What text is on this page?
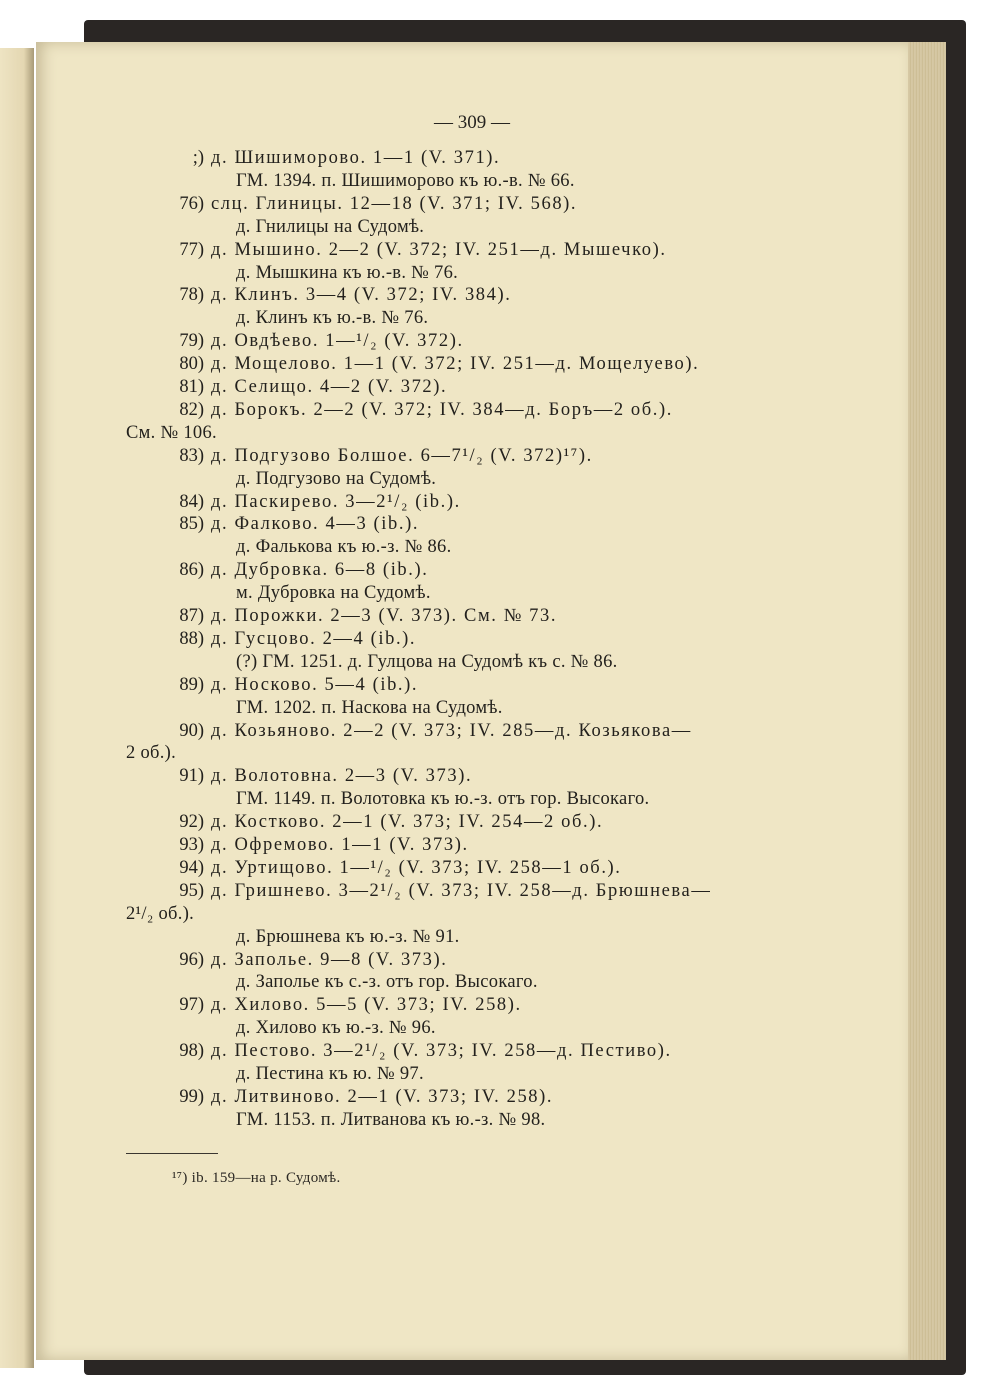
— 309 —
;) д. Шишиморово. 1—1 (V. 371).
ГМ. 1394. п. Шишиморово къ ю.-в. № 66.
76) слц. Глиницы. 12—18 (V. 371; IV. 568).
д. Гнилицы на Судомѣ.
77) д. Мышино. 2—2 (V. 372; IV. 251—д. Мышечко).
д. Мышкина къ ю.-в. № 76.
78) д. Клинъ. 3—4 (V. 372; IV. 384).
д. Клинъ къ ю.-в. № 76.
79) д. Овдѣево. 1—¹/₂ (V. 372).
80) д. Мощелово. 1—1 (V. 372; IV. 251—д. Мощелуево).
81) д. Селищо. 4—2 (V. 372).
82) д. Борокъ. 2—2 (V. 372; IV. 384—д. Боръ—2 об.).
См. № 106.
83) д. Подгузово Болшое. 6—7¹/₂ (V. 372)¹⁷).
д. Подгузово на Судомѣ.
84) д. Паскирево. 3—2¹/₂ (ib.).
85) д. Фалково. 4—3 (ib.).
д. Фалькова къ ю.-з. № 86.
86) д. Дубровка. 6—8 (ib.).
м. Дубровка на Судомѣ.
87) д. Порожки. 2—3 (V. 373). См. № 73.
88) д. Гусцово. 2—4 (ib.).
(?) ГМ. 1251. д. Гулцова на Судомѣ къ с. № 86.
89) д. Носково. 5—4 (ib.).
ГМ. 1202. п. Наскова на Судомѣ.
90) д. Козьяново. 2—2 (V. 373; IV. 285—д. Козьякова—
2 об.).
91) д. Волотовна. 2—3 (V. 373).
ГМ. 1149. п. Волотовка къ ю.-з. отъ гор. Высокаго.
92) д. Костково. 2—1 (V. 373; IV. 254—2 об.).
93) д. Офремово. 1—1 (V. 373).
94) д. Уртищово. 1—¹/₂ (V. 373; IV. 258—1 об.).
95) д. Гришнево. 3—2¹/₂ (V. 373; IV. 258—д. Брюшнева—
2¹/₂ об.).
д. Брюшнева къ ю.-з. № 91.
96) д. Заполье. 9—8 (V. 373).
д. Заполье къ с.-з. отъ гор. Высокаго.
97) д. Хилово. 5—5 (V. 373; IV. 258).
д. Хилово къ ю.-з. № 96.
98) д. Пестово. 3—2¹/₂ (V. 373; IV. 258—д. Пестиво).
д. Пестина къ ю. № 97.
99) д. Литвиново. 2—1 (V. 373; IV. 258).
ГМ. 1153. п. Литванова къ ю.-з. № 98.
¹⁷) ib. 159—на р. Судомѣ.
